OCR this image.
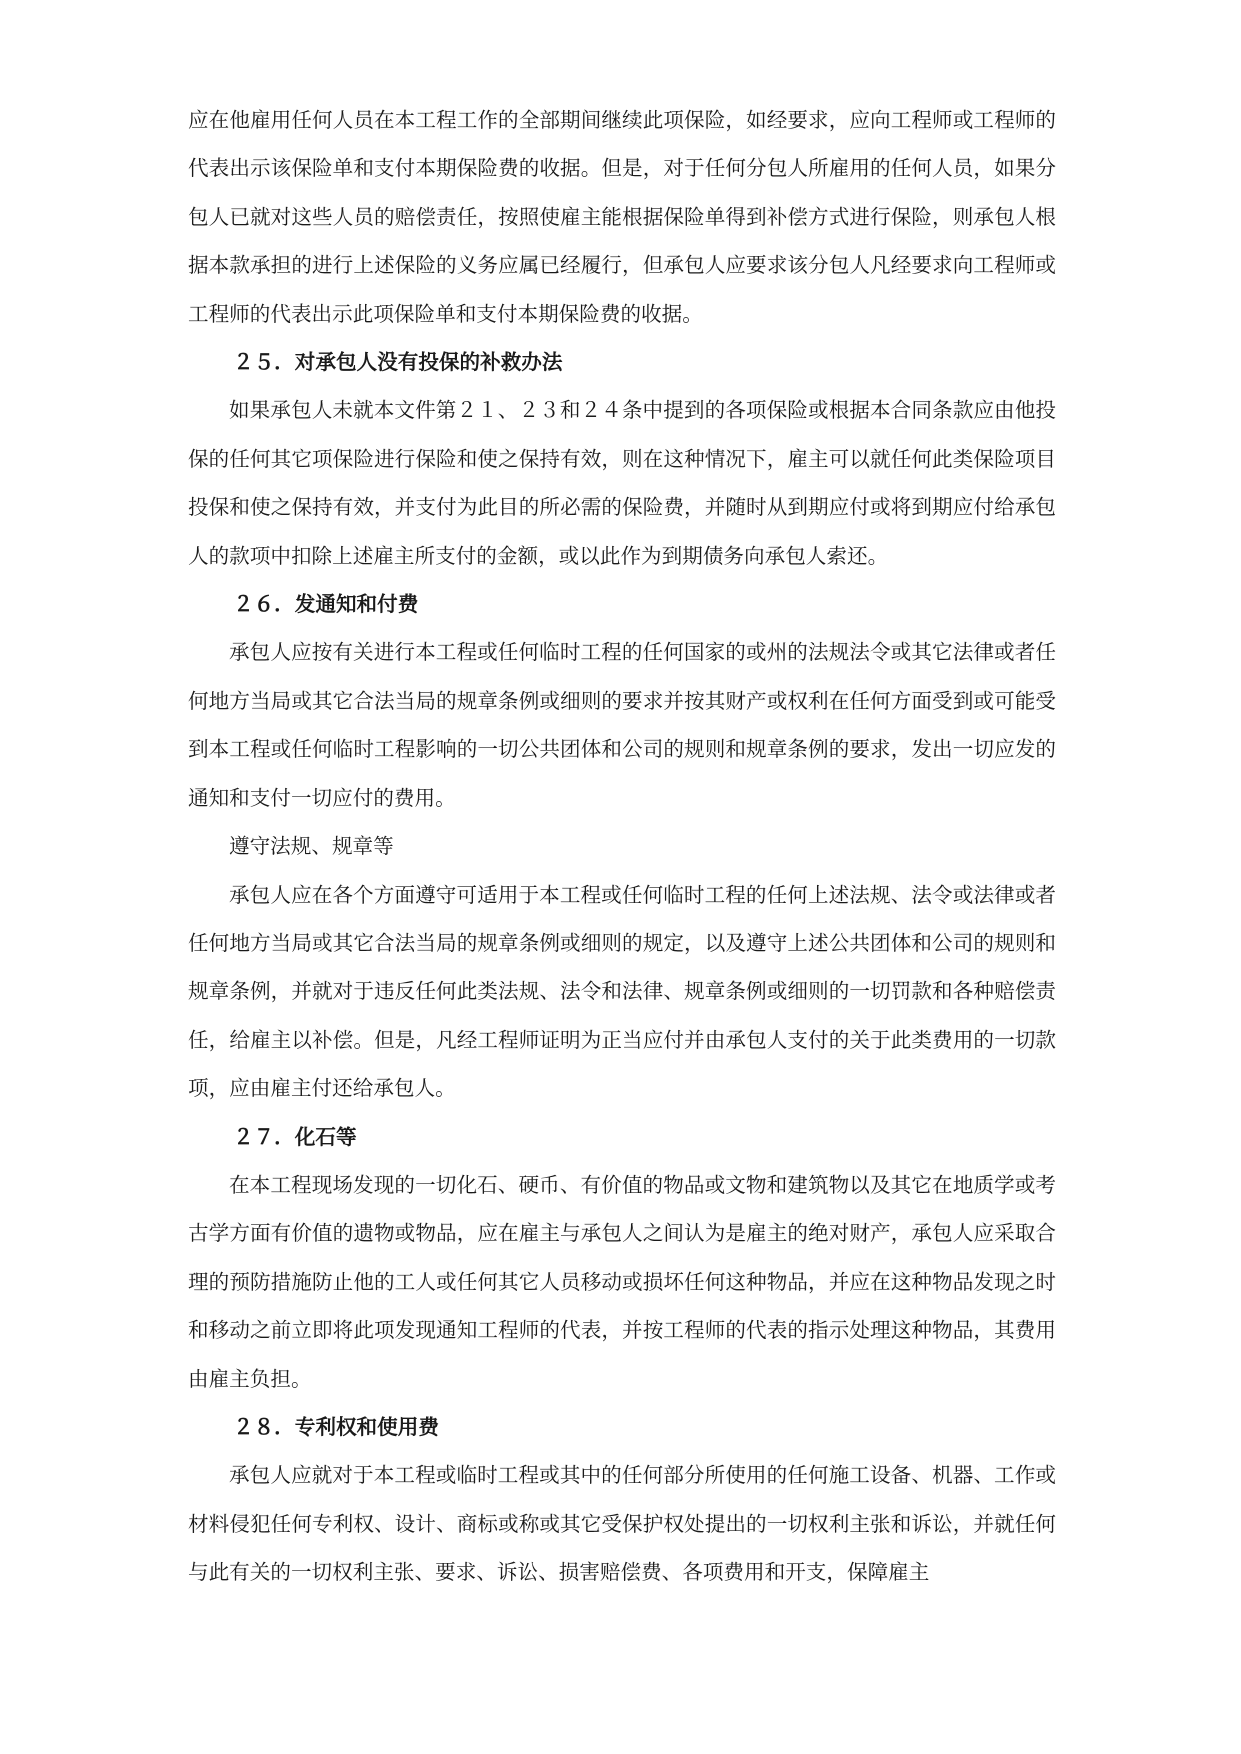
应在他雇用任何人员在本工程工作的全部期间继续此项保险，如经要求，应向工程师或工程师的代表出示该保险单和支付本期保险费的收据。但是，对于任何分包人所雇用的任何人员，如果分包人已就对这些人员的赔偿责任，按照使雇主能根据保险单得到补偿方式进行保险，则承包人根据本款承担的进行上述保险的义务应属已经履行，但承包人应要求该分包人凡经要求向工程师或工程师的代表出示此项保险单和支付本期保险费的收据。

２５．对承包人没有投保的补救办法

如果承包人未就本文件第２１、２３和２４条中提到的各项保险或根据本合同条款应由他投保的任何其它项保险进行保险和使之保持有效，则在这种情况下，雇主可以就任何此类保险项目投保和使之保持有效，并支付为此目的所必需的保险费，并随时从到期应付或将到期应付给承包人的款项中扣除上述雇主所支付的金额，或以此作为到期债务向承包人索还。

２６．发通知和付费

承包人应按有关进行本工程或任何临时工程的任何国家的或州的法规法令或其它法律或者任何地方当局或其它合法当局的规章条例或细则的要求并按其财产或权利在任何方面受到或可能受到本工程或任何临时工程影响的一切公共团体和公司的规则和规章条例的要求，发出一切应发的通知和支付一切应付的费用。

遵守法规、规章等

承包人应在各个方面遵守可适用于本工程或任何临时工程的任何上述法规、法令或法律或者任何地方当局或其它合法当局的规章条例或细则的规定，以及遵守上述公共团体和公司的规则和规章条例，并就对于违反任何此类法规、法令和法律、规章条例或细则的一切罚款和各种赔偿责任，给雇主以补偿。但是，凡经工程师证明为正当应付并由承包人支付的关于此类费用的一切款项，应由雇主付还给承包人。

２７．化石等

在本工程现场发现的一切化石、硬币、有价值的物品或文物和建筑物以及其它在地质学或考古学方面有价值的遗物或物品，应在雇主与承包人之间认为是雇主的绝对财产，承包人应采取合理的预防措施防止他的工人或任何其它人员移动或损坏任何这种物品，并应在这种物品发现之时和移动之前立即将此项发现通知工程师的代表，并按工程师的代表的指示处理这种物品，其费用由雇主负担。

２８．专利权和使用费

承包人应就对于本工程或临时工程或其中的任何部分所使用的任何施工设备、机器、工作或材料侵犯任何专利权、设计、商标或称或其它受保护权处提出的一切权利主张和诉讼，并就任何与此有关的一切权利主张、要求、诉讼、损害赔偿费、各项费用和开支，保障雇主
